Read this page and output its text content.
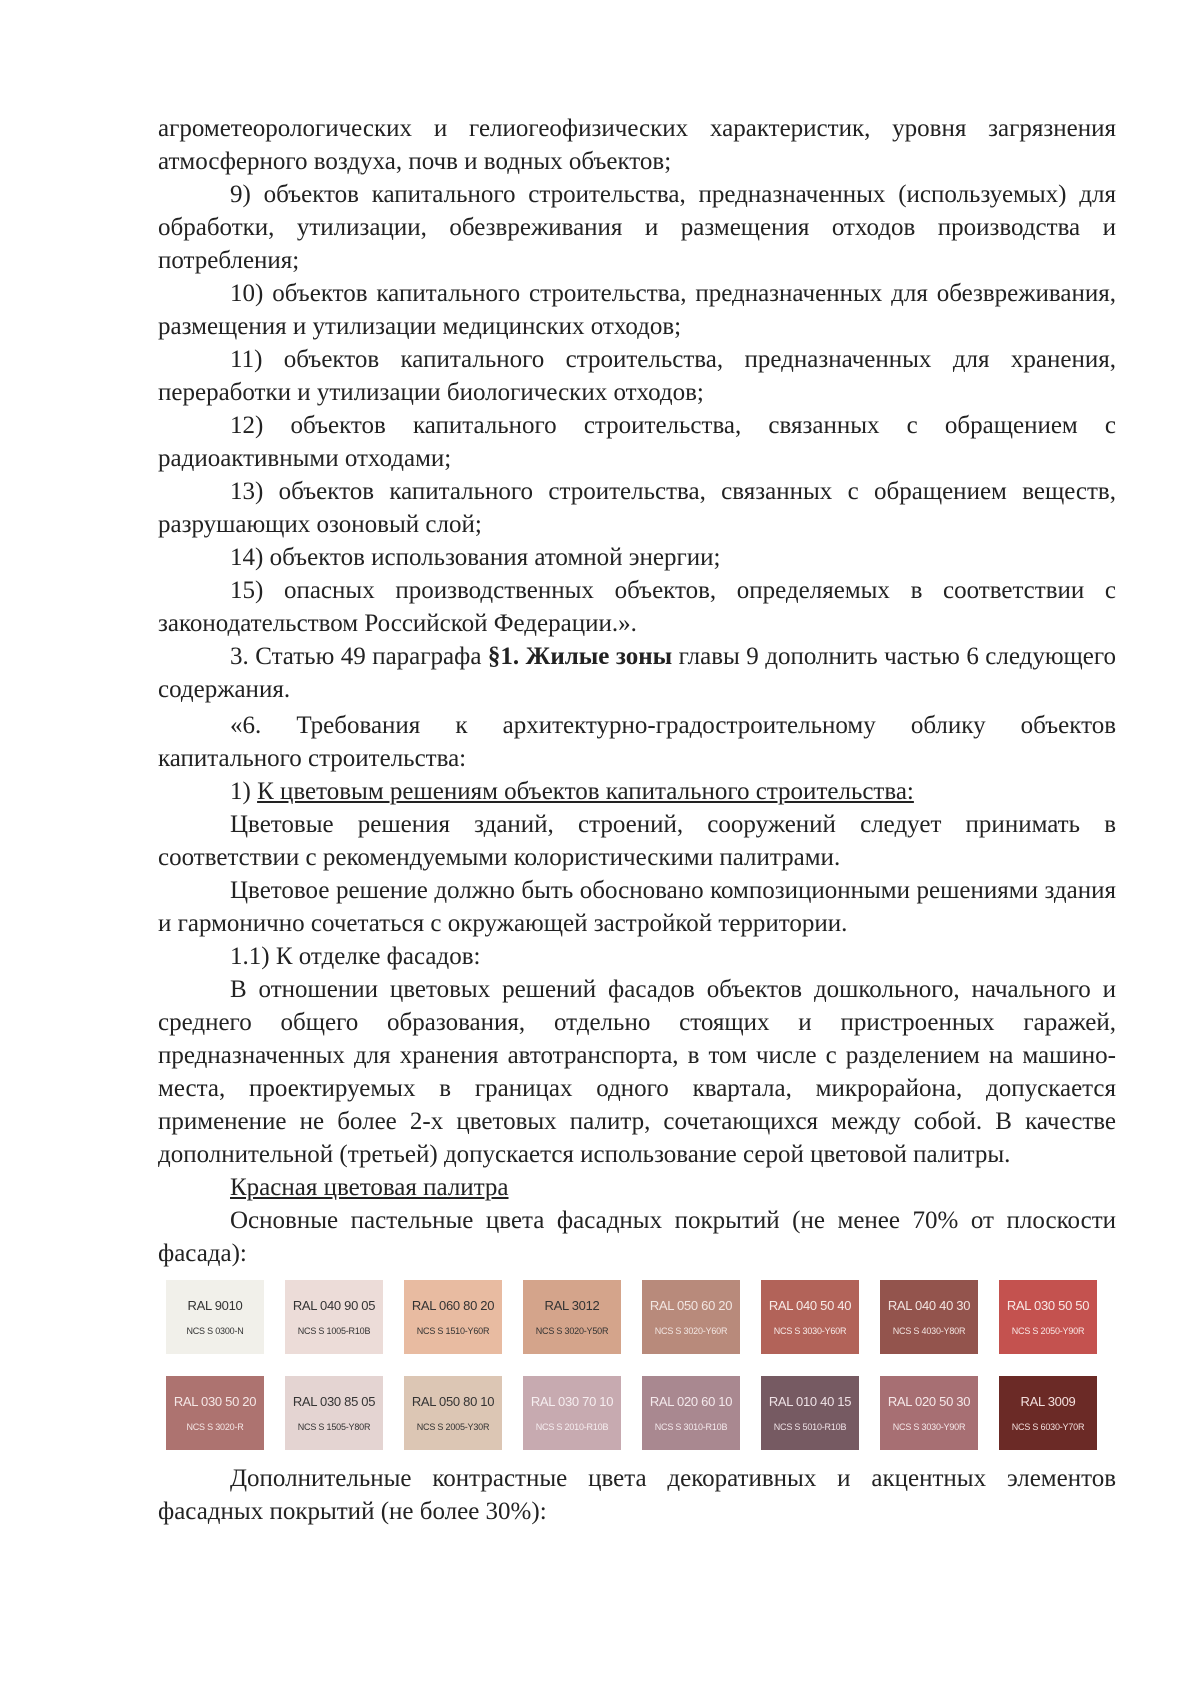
агрометеорологических и гелиогеофизических характеристик, уровня загрязнения атмосферного воздуха, почв и водных объектов;

9) объектов капитального строительства, предназначенных (используемых) для обработки, утилизации, обезвреживания и размещения отходов производства и потребления;

10) объектов капитального строительства, предназначенных для обезвреживания, размещения и утилизации медицинских отходов;

11) объектов капитального строительства, предназначенных для хранения, переработки и утилизации биологических отходов;

12) объектов капитального строительства, связанных с обращением с радиоактивными отходами;

13) объектов капитального строительства, связанных с обращением веществ, разрушающих озоновый слой;

14) объектов использования атомной энергии;

15) опасных производственных объектов, определяемых в соответствии с законодательством Российской Федерации.».

3. Статью 49 параграфа §1. Жилые зоны главы 9 дополнить частью 6 следующего содержания.

«6. Требования к архитектурно-градостроительному облику объектов капитального строительства:

1) К цветовым решениям объектов капитального строительства:

Цветовые решения зданий, строений, сооружений следует принимать в соответствии с рекомендуемыми колористическими палитрами.

Цветовое решение должно быть обосновано композиционными решениями здания и гармонично сочетаться с окружающей застройкой территории.

1.1) К отделке фасадов:

В отношении цветовых решений фасадов объектов дошкольного, начального и среднего общего образования, отдельно стоящих и пристроенных гаражей, предназначенных для хранения автотранспорта, в том числе с разделением на машино-места, проектируемых в границах одного квартала, микрорайона, допускается применение не более 2-х цветовых палитр, сочетающихся между собой. В качестве дополнительной (третьей) допускается использование серой цветовой палитры.

Красная цветовая палитра

Основные пастельные цвета фасадных покрытий (не менее 70% от плоскости фасада):

RAL 9010
NCS S 0300-N
RAL 040 90 05
NCS S 1005-R10B
RAL 060 80 20
NCS S 1510-Y60R
RAL 3012
NCS S 3020-Y50R
RAL 050 60 20
NCS S 3020-Y60R
RAL 040 50 40
NCS S 3030-Y60R
RAL 040 40 30
NCS S 4030-Y80R
RAL 030 50 50
NCS S 2050-Y90R
RAL 030 50 20
NCS S 3020-R
RAL 030 85 05
NCS S 1505-Y80R
RAL 050 80 10
NCS S 2005-Y30R
RAL 030 70 10
NCS S 2010-R10B
RAL 020 60 10
NCS S 3010-R10B
RAL 010 40 15
NCS S 5010-R10B
RAL 020 50 30
NCS S 3030-Y90R
RAL 3009
NCS S 6030-Y70R

Дополнительные контрастные цвета декоративных и акцентных элементов фасадных покрытий (не более 30%):
